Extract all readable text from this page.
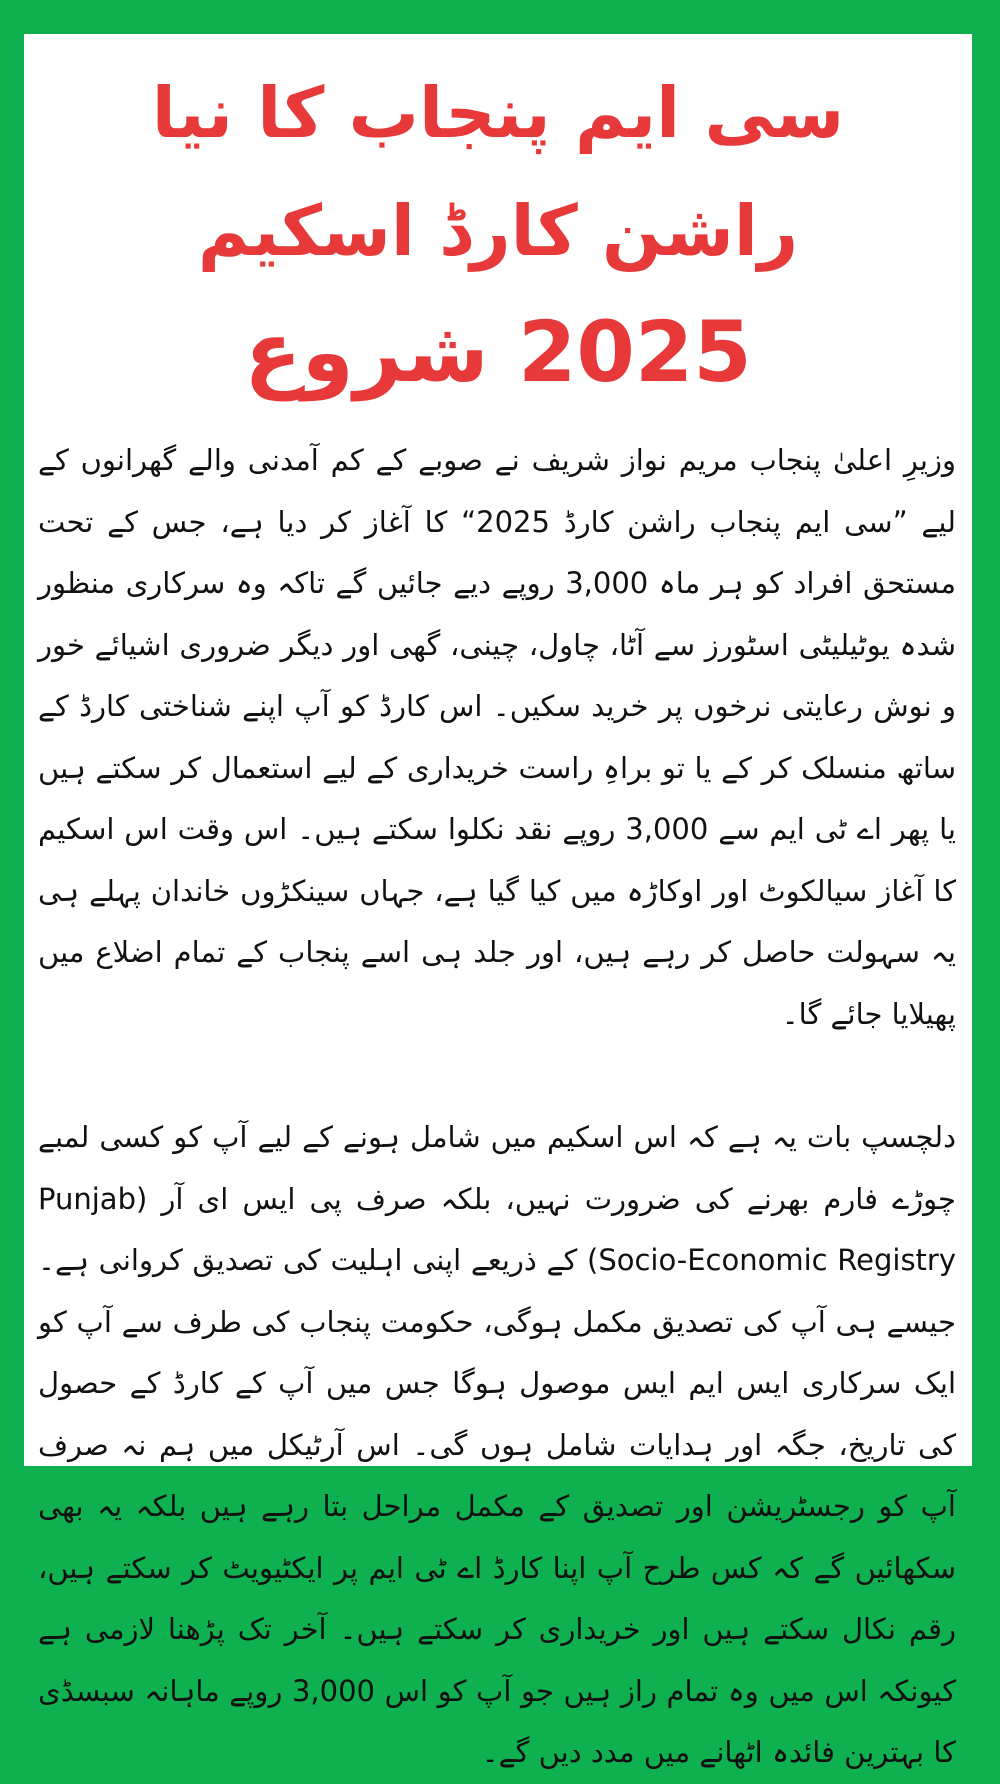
سی ایم پنجاب کا نیا راشن کارڈ اسکیم
2025 شروع

وزیرِ اعلیٰ پنجاب مریم نواز شریف نے صوبے کے کم آمدنی والے گھرانوں کے لیے ”سی ایم پنجاب راشن کارڈ 2025“ کا آغاز کر دیا ہے، جس کے تحت مستحق افراد کو ہر ماہ 3,000 روپے دیے جائیں گے تاکہ وہ سرکاری منظور شدہ یوٹیلیٹی اسٹورز سے آٹا، چاول، چینی، گھی اور دیگر ضروری اشیائے خور و نوش رعایتی نرخوں پر خرید سکیں۔ اس کارڈ کو آپ اپنے شناختی کارڈ کے ساتھ منسلک کر کے یا تو براہِ راست خریداری کے لیے استعمال کر سکتے ہیں یا پھر اے ٹی ایم سے 3,000 روپے نقد نکلوا سکتے ہیں۔ اس وقت اس اسکیم کا آغاز سیالکوٹ اور اوکاڑہ میں کیا گیا ہے، جہاں سینکڑوں خاندان پہلے ہی یہ سہولت حاصل کر رہے ہیں، اور جلد ہی اسے پنجاب کے تمام اضلاع میں پھیلایا جائے گا۔

دلچسپ بات یہ ہے کہ اس اسکیم میں شامل ہونے کے لیے آپ کو کسی لمبے چوڑے فارم بھرنے کی ضرورت نہیں، بلکہ صرف پی ایس ای آر (Punjab Socio-Economic Registry) کے ذریعے اپنی اہلیت کی تصدیق کروانی ہے۔ جیسے ہی آپ کی تصدیق مکمل ہوگی، حکومت پنجاب کی طرف سے آپ کو ایک سرکاری ایس ایم ایس موصول ہوگا جس میں آپ کے کارڈ کے حصول کی تاریخ، جگہ اور ہدایات شامل ہوں گی۔ اس آرٹیکل میں ہم نہ صرف آپ کو رجسٹریشن اور تصدیق کے مکمل مراحل بتا رہے ہیں بلکہ یہ بھی سکھائیں گے کہ کس طرح آپ اپنا کارڈ اے ٹی ایم پر ایکٹیویٹ کر سکتے ہیں، رقم نکال سکتے ہیں اور خریداری کر سکتے ہیں۔ آخر تک پڑھنا لازمی ہے کیونکہ اس میں وہ تمام راز ہیں جو آپ کو اس 3,000 روپے ماہانہ سبسڈی کا بہترین فائدہ اٹھانے میں مدد دیں گے۔
